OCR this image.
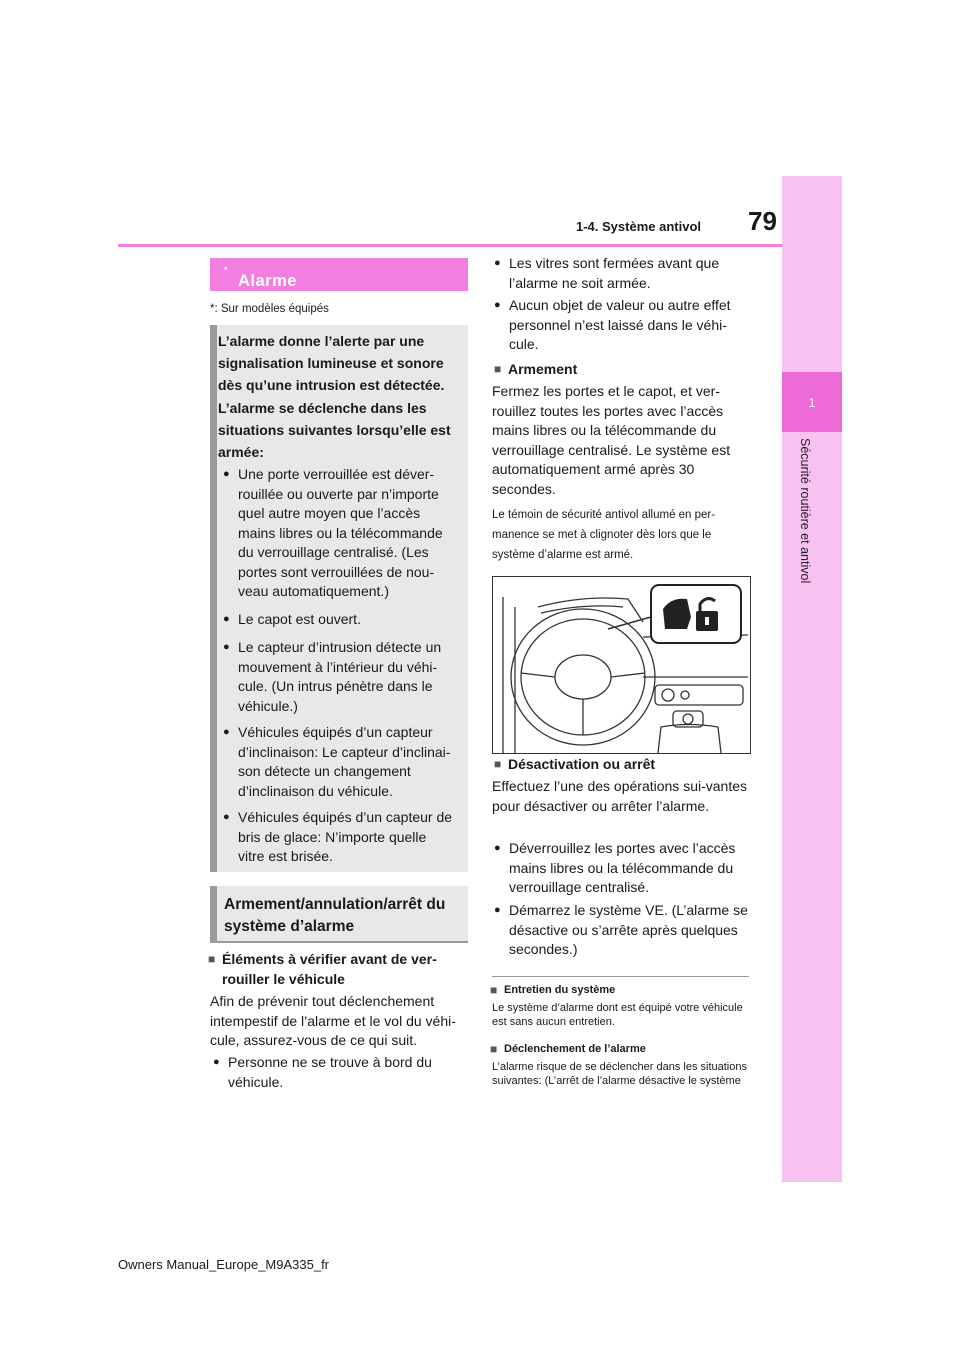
1-4. Système antivol 79
1
Sécurité routière et antivol
Alarme
*
*: Sur modèles équipés
L’alarme donne l’alerte par une signalisation lumineuse et sonore dès qu’une intrusion est détectée.
L’alarme se déclenche dans les situations suivantes lorsqu’elle est armée:
● Une porte verrouillée est déver-rouillée ou ouverte par n’importe quel autre moyen que l’accès mains libres ou la télécommande du verrouillage centralisé. (Les portes sont verrouillées de nou-veau automatiquement.)
● Le capot est ouvert.
● Le capteur d’intrusion détecte un mouvement à l’intérieur du véhi-cule. (Un intrus pénètre dans le véhicule.)
● Véhicules équipés d’un capteur d’inclinaison: Le capteur d’inclinai-son détecte un changement d’inclinaison du véhicule.
● Véhicules équipés d’un capteur de bris de glace: N’importe quelle vitre est brisée.
Armement/annulation/arrêt du système d’alarme
■ Éléments à vérifier avant de ver-rouiller le véhicule
Afin de prévenir tout déclenchement intempestif de l’alarme et le vol du véhi-cule, assurez-vous de ce qui suit.
● Personne ne se trouve à bord du véhicule.
● Les vitres sont fermées avant que l’alarme ne soit armée.
● Aucun objet de valeur ou autre effet personnel n’est laissé dans le véhi-cule.
■ Armement
Fermez les portes et le capot, et ver-rouillez toutes les portes avec l’accès mains libres ou la télécommande du verrouillage centralisé. Le système est automatiquement armé après 30 secondes.
Le témoin de sécurité antivol allumé en per-manence se met à clignoter dès lors que le système d’alarme est armé.
■ Désactivation ou arrêt
Effectuez l’une des opérations sui-vantes pour désactiver ou arrêter l’alarme.
● Déverrouillez les portes avec l’accès mains libres ou la télécommande du verrouillage centralisé.
● Démarrez le système VE. (L’alarme se désactive ou s’arrête après quelques secondes.)
■ Entretien du système
Le système d’alarme dont est équipé votre véhicule est sans aucun entretien.
■ Déclenchement de l’alarme
L’alarme risque de se déclencher dans les situations suivantes: (L’arrêt de l’alarme désactive le système
Owners Manual_Europe_M9A335_fr
